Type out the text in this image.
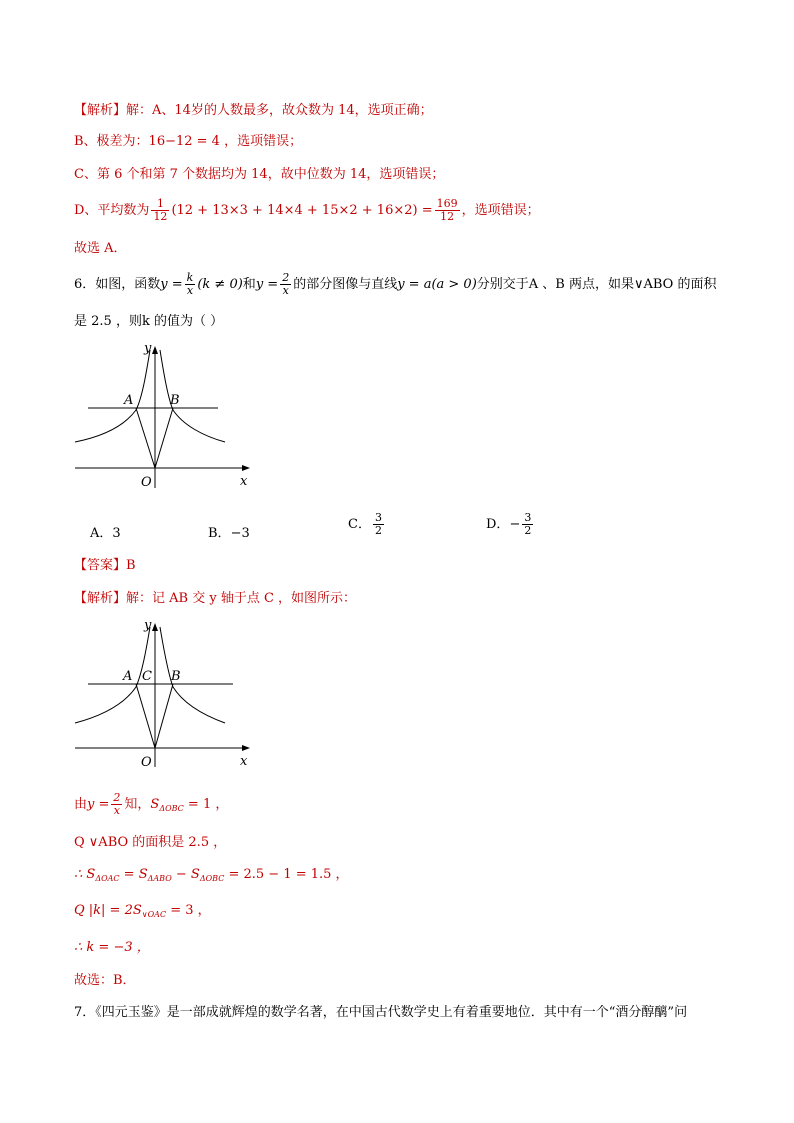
【解析】解：A、14岁的人数最多，故众数为 14，选项正确；
B、极差为：16−12 = 4 ，选项错误；
C、第 6 个和第 7 个数据均为 14，故中位数为 14，选项错误；
D、平均数为 $\frac{1}{12} (12 + 13\times 3 + 14\times 4 + 15\times 2 + 16\times 2) = \frac{169}{12}$ ，选项错误；
故选 A．
6．如图，函数$y = \frac{k}{x} (k \ne 0)$和$y = \frac{2}{x}$ 的部分图像与直线y = a(a > 0)分别交于A 、B 两点，如果∨ABO 的面积
是 2.5 ，则k 的值为（ ）
y
x
O
A	B
A．3	B．−3
C． $\frac{3}{2}$	D．− $\frac{3}{2}$
【答案】B
【解析】解：记 AB 交 y 轴于点 C ，如图所示：
y
x
O
A C B
由$y = \frac{2}{x}$ 知，$S_{\Delta OBC} = 1$ ，
Q ∨ABO 的面积是 2.5 ，
∴ $S_{\Delta OAC} = S_{\Delta ABO} - S_{\Delta OBC} = 2.5 - 1 = 1.5$ ，
Q $|k| = 2S_{\vee OAC} = 3$ ，
∴ k = −3 ，
故选：B．
7．《四元玉鉴》是一部成就辉煌的数学名著，在中国古代数学史上有着重要地位．其中有一个“酒分醇醨”问
